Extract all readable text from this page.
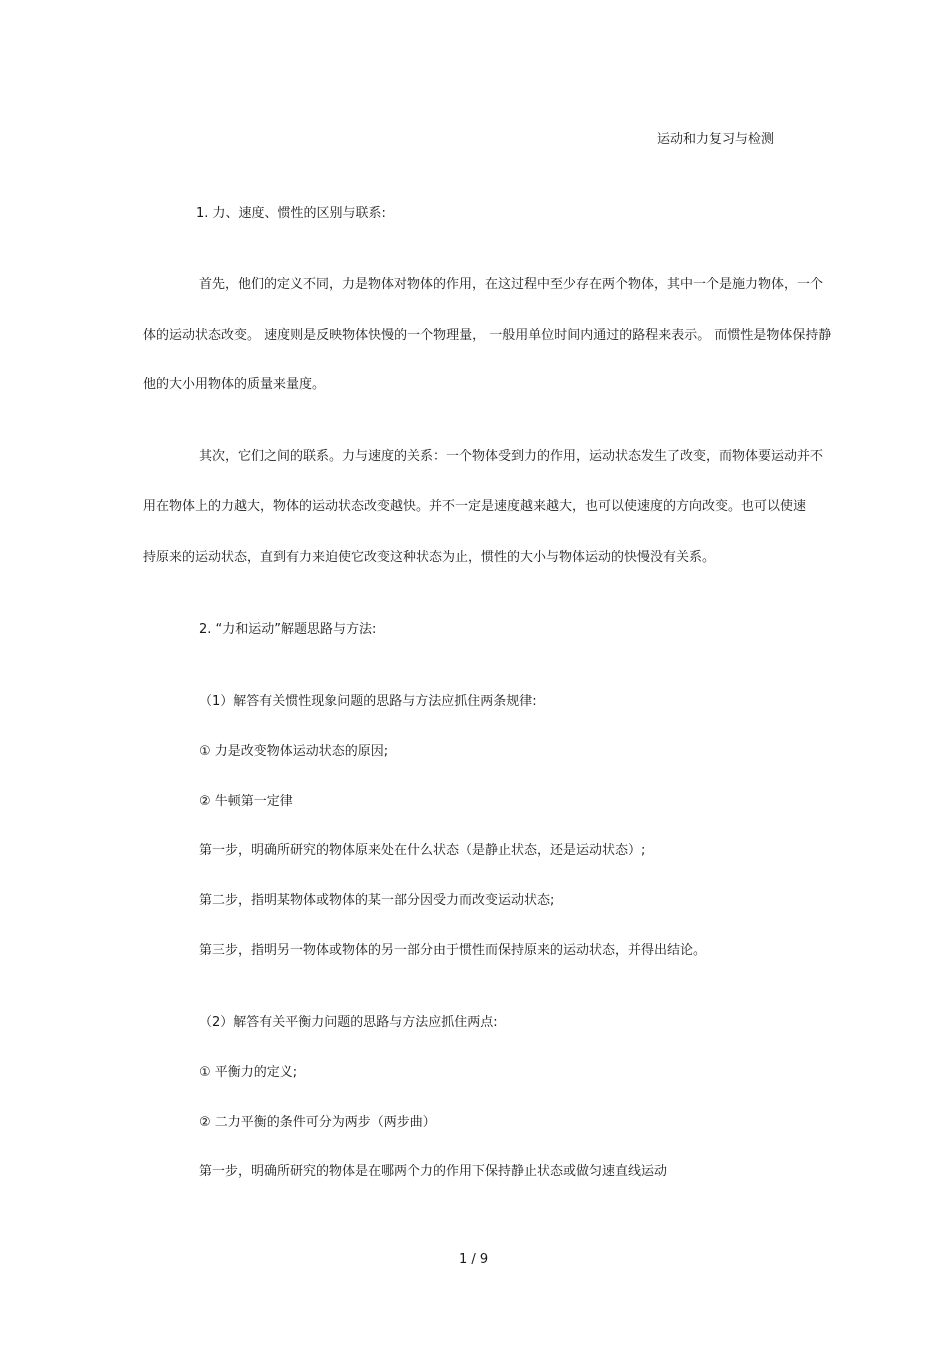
运动和力复习与检测
1. 力、速度、惯性的区别与联系:
首先，他们的定义不同，力是物体对物体的作用，在这过程中至少存在两个物体，其中一个是施力物体，一个
体的运动状态改变。 速度则是反映物体快慢的一个物理量， 一般用单位时间内通过的路程来表示。 而惯性是物体保持静
他的大小用物体的质量来量度。
其次，它们之间的联系。力与速度的关系：一个物体受到力的作用，运动状态发生了改变，而物体要运动并不
用在物体上的力越大，物体的运动状态改变越快。并不一定是速度越来越大，也可以使速度的方向改变。也可以使速
持原来的运动状态，直到有力来迫使它改变这种状态为止，惯性的大小与物体运动的快慢没有关系。
2. “力和运动”解题思路与方法:
（1）解答有关惯性现象问题的思路与方法应抓住两条规律:
① 力是改变物体运动状态的原因;
② 牛顿第一定律
第一步，明确所研究的物体原来处在什么状态（是静止状态，还是运动状态）;
第二步，指明某物体或物体的某一部分因受力而改变运动状态;
第三步，指明另一物体或物体的另一部分由于惯性而保持原来的运动状态，并得出结论。
（2）解答有关平衡力问题的思路与方法应抓住两点:
① 平衡力的定义;
② 二力平衡的条件可分为两步（两步曲）
第一步，明确所研究的物体是在哪两个力的作用下保持静止状态或做匀速直线运动
1 / 9
